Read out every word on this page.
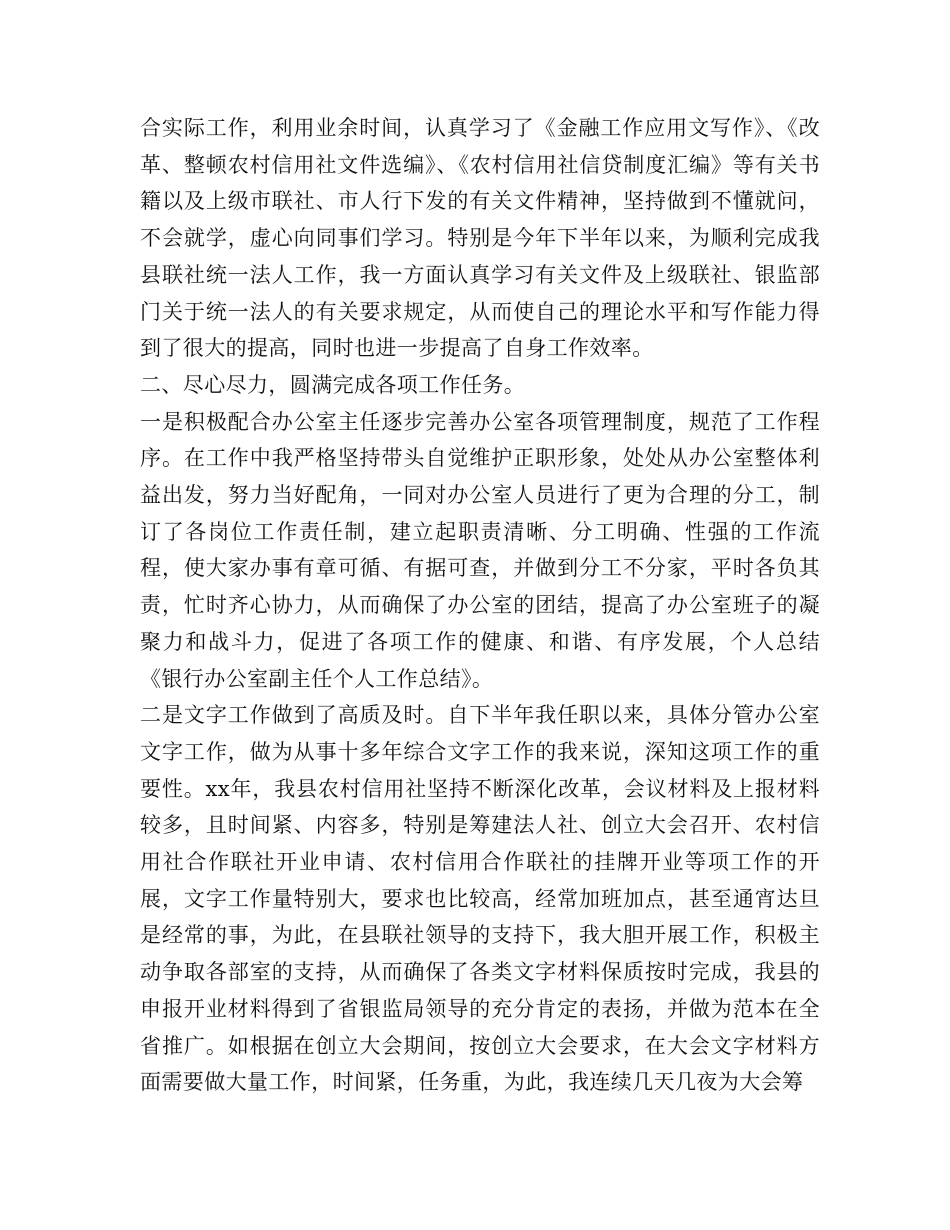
合实际工作，利用业余时间，认真学习了《金融工作应用文写作》、《改革、整顿农村信用社文件选编》、《农村信用社信贷制度汇编》等有关书籍以及上级市联社、市人行下发的有关文件精神，坚持做到不懂就问，不会就学，虚心向同事们学习。特别是今年下半年以来，为顺利完成我县联社统一法人工作，我一方面认真学习有关文件及上级联社、银监部门关于统一法人的有关要求规定，从而使自己的理论水平和写作能力得到了很大的提高，同时也进一步提高了自身工作效率。

二、尽心尽力，圆满完成各项工作任务。

一是积极配合办公室主任逐步完善办公室各项管理制度，规范了工作程序。在工作中我严格坚持带头自觉维护正职形象，处处从办公室整体利益出发，努力当好配角，一同对办公室人员进行了更为合理的分工，制订了各岗位工作责任制，建立起职责清晰、分工明确、性强的工作流程，使大家办事有章可循、有据可查，并做到分工不分家，平时各负其责，忙时齐心协力，从而确保了办公室的团结，提高了办公室班子的凝聚力和战斗力，促进了各项工作的健康、和谐、有序发展，个人总结《银行办公室副主任个人工作总结》。

二是文字工作做到了高质及时。自下半年我任职以来，具体分管办公室文字工作，做为从事十多年综合文字工作的我来说，深知这项工作的重要性。xx年，我县农村信用社坚持不断深化改革，会议材料及上报材料较多，且时间紧、内容多，特别是筹建法人社、创立大会召开、农村信用社合作联社开业申请、农村信用合作联社的挂牌开业等项工作的开展，文字工作量特别大，要求也比较高，经常加班加点，甚至通宵达旦是经常的事，为此，在县联社领导的支持下，我大胆开展工作，积极主动争取各部室的支持，从而确保了各类文字材料保质按时完成，我县的申报开业材料得到了省银监局领导的充分肯定的表扬，并做为范本在全省推广。如根据在创立大会期间，按创立大会要求，在大会文字材料方面需要做大量工作，时间紧，任务重，为此，我连续几天几夜为大会筹
